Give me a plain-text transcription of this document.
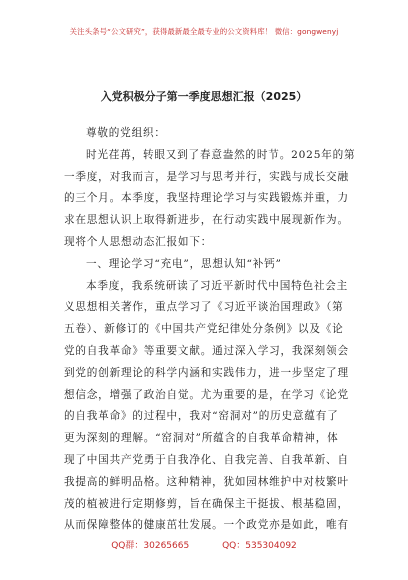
关注头条号“公文研究”，获得最新最全最专业的公文资料库！ 微信：gongwenyj
入党积极分子第一季度思想汇报（2025）

尊敬的党组织：

时光荏苒，转眼又到了春意盎然的时节。2025年的第

一季度，对我而言，是学习与思考并行，实践与成长交融

的三个月。本季度，我坚持理论学习与实践锻炼并重，力

求在思想认识上取得新进步，在行动实践中展现新作为。

现将个人思想动态汇报如下：

一、理论学习“充电”，思想认知“补钙”

本季度，我系统研读了习近平新时代中国特色社会主

义思想相关著作，重点学习了《习近平谈治国理政》（第

五卷）、新修订的《中国共产党纪律处分条例》以及《论

党的自我革命》等重要文献。通过深入学习，我深刻领会

到党的创新理论的科学内涵和实践伟力，进一步坚定了理

想信念，增强了政治自觉。尤为重要的是，在学习《论党

的自我革命》的过程中，我对“窑洞对”的历史意蕴有了

更为深刻的理解。“窑洞对”所蕴含的自我革命精神，体

现了中国共产党勇于自我净化、自我完善、自我革新、自

我提高的鲜明品格。这种精神，犹如园林维护中对枝繁叶

茂的植被进行定期修剪，旨在确保主干挺拔、根基稳固，

从而保障整体的健康茁壮发展。一个政党亦是如此，唯有

QQ群：30265665	QQ：535304092
